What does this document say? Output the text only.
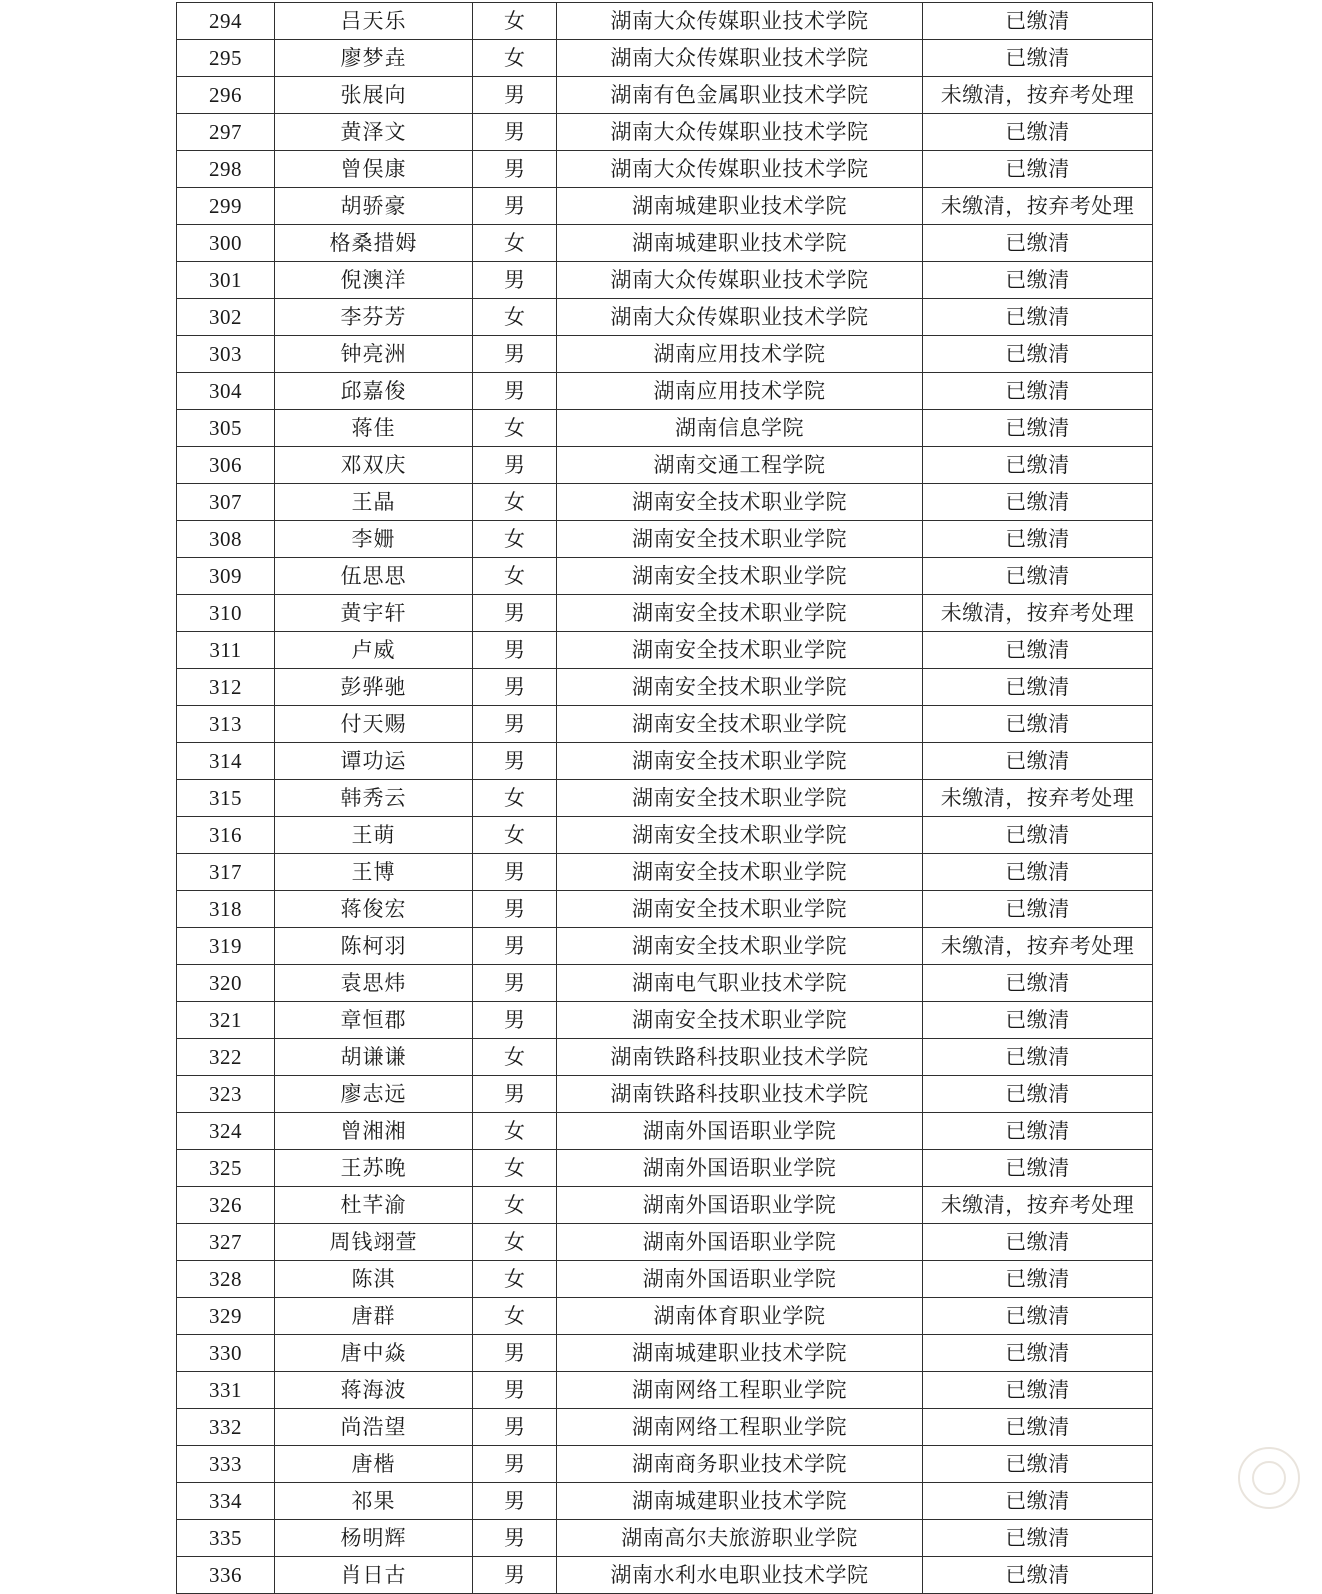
294	吕天乐	女	湖南大众传媒职业技术学院	已缴清
295	廖梦垚	女	湖南大众传媒职业技术学院	已缴清
296	张展向	男	湖南有色金属职业技术学院	未缴清，按弃考处理
297	黄泽文	男	湖南大众传媒职业技术学院	已缴清
298	曾俣康	男	湖南大众传媒职业技术学院	已缴清
299	胡骄豪	男	湖南城建职业技术学院	未缴清，按弃考处理
300	格桑措姆	女	湖南城建职业技术学院	已缴清
301	倪澳洋	男	湖南大众传媒职业技术学院	已缴清
302	李芬芳	女	湖南大众传媒职业技术学院	已缴清
303	钟亮洲	男	湖南应用技术学院	已缴清
304	邱嘉俊	男	湖南应用技术学院	已缴清
305	蒋佳	女	湖南信息学院	已缴清
306	邓双庆	男	湖南交通工程学院	已缴清
307	王晶	女	湖南安全技术职业学院	已缴清
308	李姗	女	湖南安全技术职业学院	已缴清
309	伍思思	女	湖南安全技术职业学院	已缴清
310	黄宇轩	男	湖南安全技术职业学院	未缴清，按弃考处理
311	卢威	男	湖南安全技术职业学院	已缴清
312	彭骅驰	男	湖南安全技术职业学院	已缴清
313	付天赐	男	湖南安全技术职业学院	已缴清
314	谭功运	男	湖南安全技术职业学院	已缴清
315	韩秀云	女	湖南安全技术职业学院	未缴清，按弃考处理
316	王萌	女	湖南安全技术职业学院	已缴清
317	王博	男	湖南安全技术职业学院	已缴清
318	蒋俊宏	男	湖南安全技术职业学院	已缴清
319	陈柯羽	男	湖南安全技术职业学院	未缴清，按弃考处理
320	袁思炜	男	湖南电气职业技术学院	已缴清
321	章恒郡	男	湖南安全技术职业学院	已缴清
322	胡谦谦	女	湖南铁路科技职业技术学院	已缴清
323	廖志远	男	湖南铁路科技职业技术学院	已缴清
324	曾湘湘	女	湖南外国语职业学院	已缴清
325	王苏晚	女	湖南外国语职业学院	已缴清
326	杜芊渝	女	湖南外国语职业学院	未缴清，按弃考处理
327	周钱翊萱	女	湖南外国语职业学院	已缴清
328	陈淇	女	湖南外国语职业学院	已缴清
329	唐群	女	湖南体育职业学院	已缴清
330	唐中焱	男	湖南城建职业技术学院	已缴清
331	蒋海波	男	湖南网络工程职业学院	已缴清
332	尚浩望	男	湖南网络工程职业学院	已缴清
333	唐楷	男	湖南商务职业技术学院	已缴清
334	祁果	男	湖南城建职业技术学院	已缴清
335	杨明辉	男	湖南高尔夫旅游职业学院	已缴清
336	肖日古	男	湖南水利水电职业技术学院	已缴清
